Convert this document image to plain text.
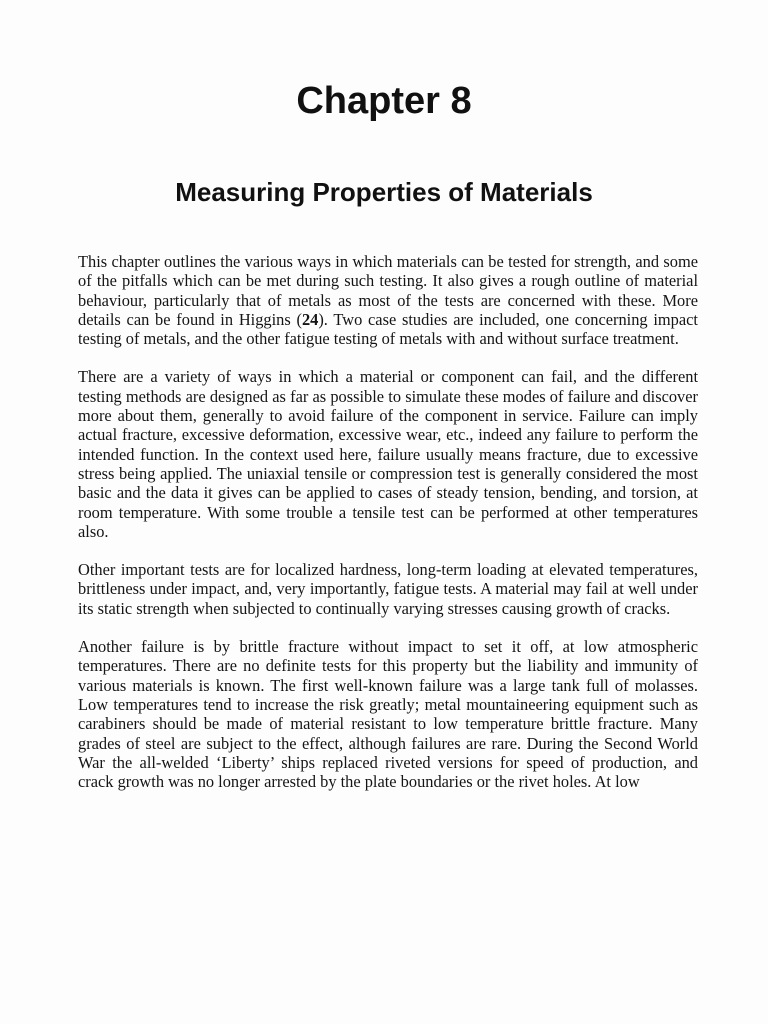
Chapter 8
Measuring Properties of Materials

This chapter outlines the various ways in which materials can be tested for strength, and some of the pitfalls which can be met during such testing. It also gives a rough outline of material behaviour, particularly that of metals as most of the tests are concerned with these. More details can be found in Higgins (24). Two case studies are included, one concerning impact testing of metals, and the other fatigue testing of metals with and without surface treatment.

There are a variety of ways in which a material or component can fail, and the different testing methods are designed as far as possible to simulate these modes of failure and discover more about them, generally to avoid failure of the component in service. Failure can imply actual fracture, excessive deformation, excessive wear, etc., indeed any failure to perform the intended function. In the context used here, failure usually means fracture, due to excessive stress being applied. The uniaxial tensile or compression test is generally considered the most basic and the data it gives can be applied to cases of steady tension, bending, and torsion, at room temperature. With some trouble a tensile test can be performed at other temperatures also.

Other important tests are for localized hardness, long-term loading at elevated temperatures, brittleness under impact, and, very importantly, fatigue tests. A material may fail at well under its static strength when subjected to continually varying stresses causing growth of cracks.

Another failure is by brittle fracture without impact to set it off, at low atmospheric temperatures. There are no definite tests for this property but the liability and immunity of various materials is known. The first well-known failure was a large tank full of molasses. Low temperatures tend to increase the risk greatly; metal mountaineering equipment such as carabiners should be made of material resistant to low temperature brittle fracture. Many grades of steel are subject to the effect, although failures are rare. During the Second World War the all-welded ‘Liberty’ ships replaced riveted versions for speed of production, and crack growth was no longer arrested by the plate boundaries or the rivet holes. At low
